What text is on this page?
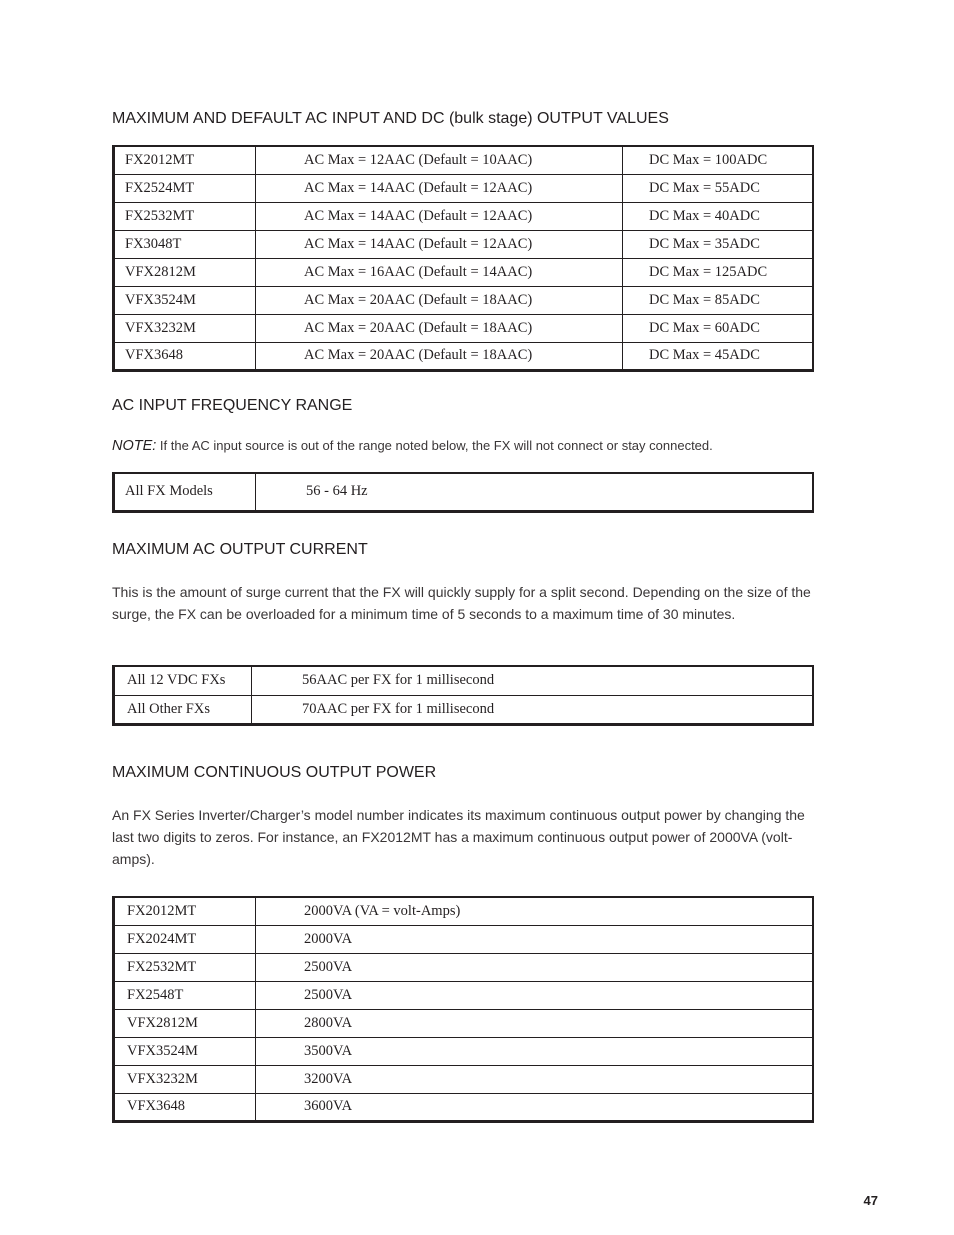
MAXIMUM AND DEFAULT AC INPUT AND DC (bulk stage) OUTPUT VALUES
FX2012MT	AC Max = 12AAC (Default = 10AAC)	DC Max = 100ADC
FX2524MT	AC Max = 14AAC (Default = 12AAC)	DC Max = 55ADC
FX2532MT	AC Max = 14AAC (Default = 12AAC)	DC Max = 40ADC
FX3048T	AC Max = 14AAC (Default = 12AAC)	DC Max = 35ADC
VFX2812M	AC Max = 16AAC (Default = 14AAC)	DC Max = 125ADC
VFX3524M	AC Max = 20AAC (Default = 18AAC)	DC Max = 85ADC
VFX3232M	AC Max = 20AAC (Default = 18AAC)	DC Max = 60ADC
VFX3648	AC Max = 20AAC (Default = 18AAC)	DC Max = 45ADC
AC INPUT FREQUENCY RANGE

NOTE: If the AC input source is out of the range noted below, the FX will not connect or stay connected.

All FX Models	56 - 64 Hz
MAXIMUM AC OUTPUT CURRENT

This is the amount of surge current that the FX will quickly supply for a split second. Depending on the size of the surge, the FX can be overloaded for a minimum time of 5 seconds to a maximum time of 30 minutes.

All 12 VDC FXs	56AAC per FX for 1 millisecond
All Other FXs	70AAC per FX for 1 millisecond
MAXIMUM CONTINUOUS OUTPUT POWER

An FX Series Inverter/Charger’s model number indicates its maximum continuous output power by changing the last two digits to zeros. For instance, an FX2012MT has a maximum continuous output power of 2000VA (volt-amps).

FX2012MT	2000VA (VA = volt-Amps)
FX2024MT	2000VA
FX2532MT	2500VA
FX2548T	2500VA
VFX2812M	2800VA
VFX3524M	3500VA
VFX3232M	3200VA
VFX3648	3600VA
47
